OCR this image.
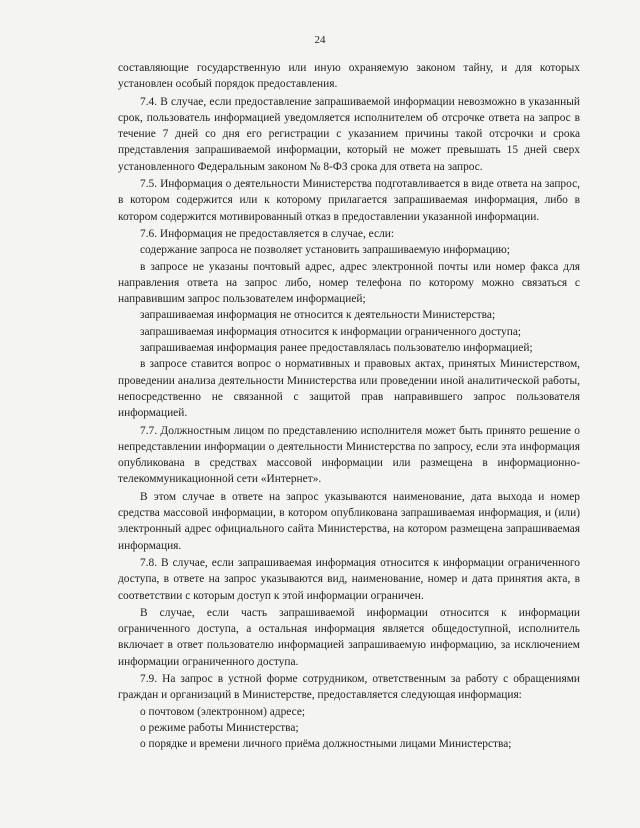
24

составляющие государственную или иную охраняемую законом тайну, и для которых установлен особый порядок предоставления.

7.4. В случае, если предоставление запрашиваемой информации невозможно в указанный срок, пользователь информацией уведомляется исполнителем об отсрочке ответа на запрос в течение 7 дней со дня его регистрации с указанием причины такой отсрочки и срока представления запрашиваемой информации, который не может превышать 15 дней сверх установленного Федеральным законом № 8-ФЗ срока для ответа на запрос.

7.5. Информация о деятельности Министерства подготавливается в виде ответа на запрос, в котором содержится или к которому прилагается запрашиваемая информация, либо в котором содержится мотивированный отказ в предоставлении указанной информации.

7.6. Информация не предоставляется в случае, если:

содержание запроса не позволяет установить запрашиваемую информацию;

в запросе не указаны почтовый адрес, адрес электронной почты или номер факса для направления ответа на запрос либо, номер телефона по которому можно связаться с направившим запрос пользователем информацией;

запрашиваемая информация не относится к деятельности Министерства;

запрашиваемая информация относится к информации ограниченного доступа;

запрашиваемая информация ранее предоставлялась пользователю информацией;

в запросе ставится вопрос о нормативных и правовых актах, принятых Министерством, проведении анализа деятельности Министерства или проведении иной аналитической работы, непосредственно не связанной с защитой прав направившего запрос пользователя информацией.

7.7. Должностным лицом по представлению исполнителя может быть принято решение о непредставлении информации о деятельности Министерства по запросу, если эта информация опубликована в средствах массовой информации или размещена в информационно-телекоммуникационной сети «Интернет».

В этом случае в ответе на запрос указываются наименование, дата выхода и номер средства массовой информации, в котором опубликована запрашиваемая информация, и (или) электронный адрес официального сайта Министерства, на котором размещена запрашиваемая информация.

7.8. В случае, если запрашиваемая информация относится к информации ограниченного доступа, в ответе на запрос указываются вид, наименование, номер и дата принятия акта, в соответствии с которым доступ к этой информации ограничен.

В случае, если часть запрашиваемой информации относится к информации ограниченного доступа, а остальная информация является общедоступной, исполнитель включает в ответ пользователю информацией запрашиваемую информацию, за исключением информации ограниченного доступа.

7.9. На запрос в устной форме сотрудником, ответственным за работу с обращениями граждан и организаций в Министерстве, предоставляется следующая информация:

о почтовом (электронном) адресе;

о режиме работы Министерства;

о порядке и времени личного приёма должностными лицами Министерства;
